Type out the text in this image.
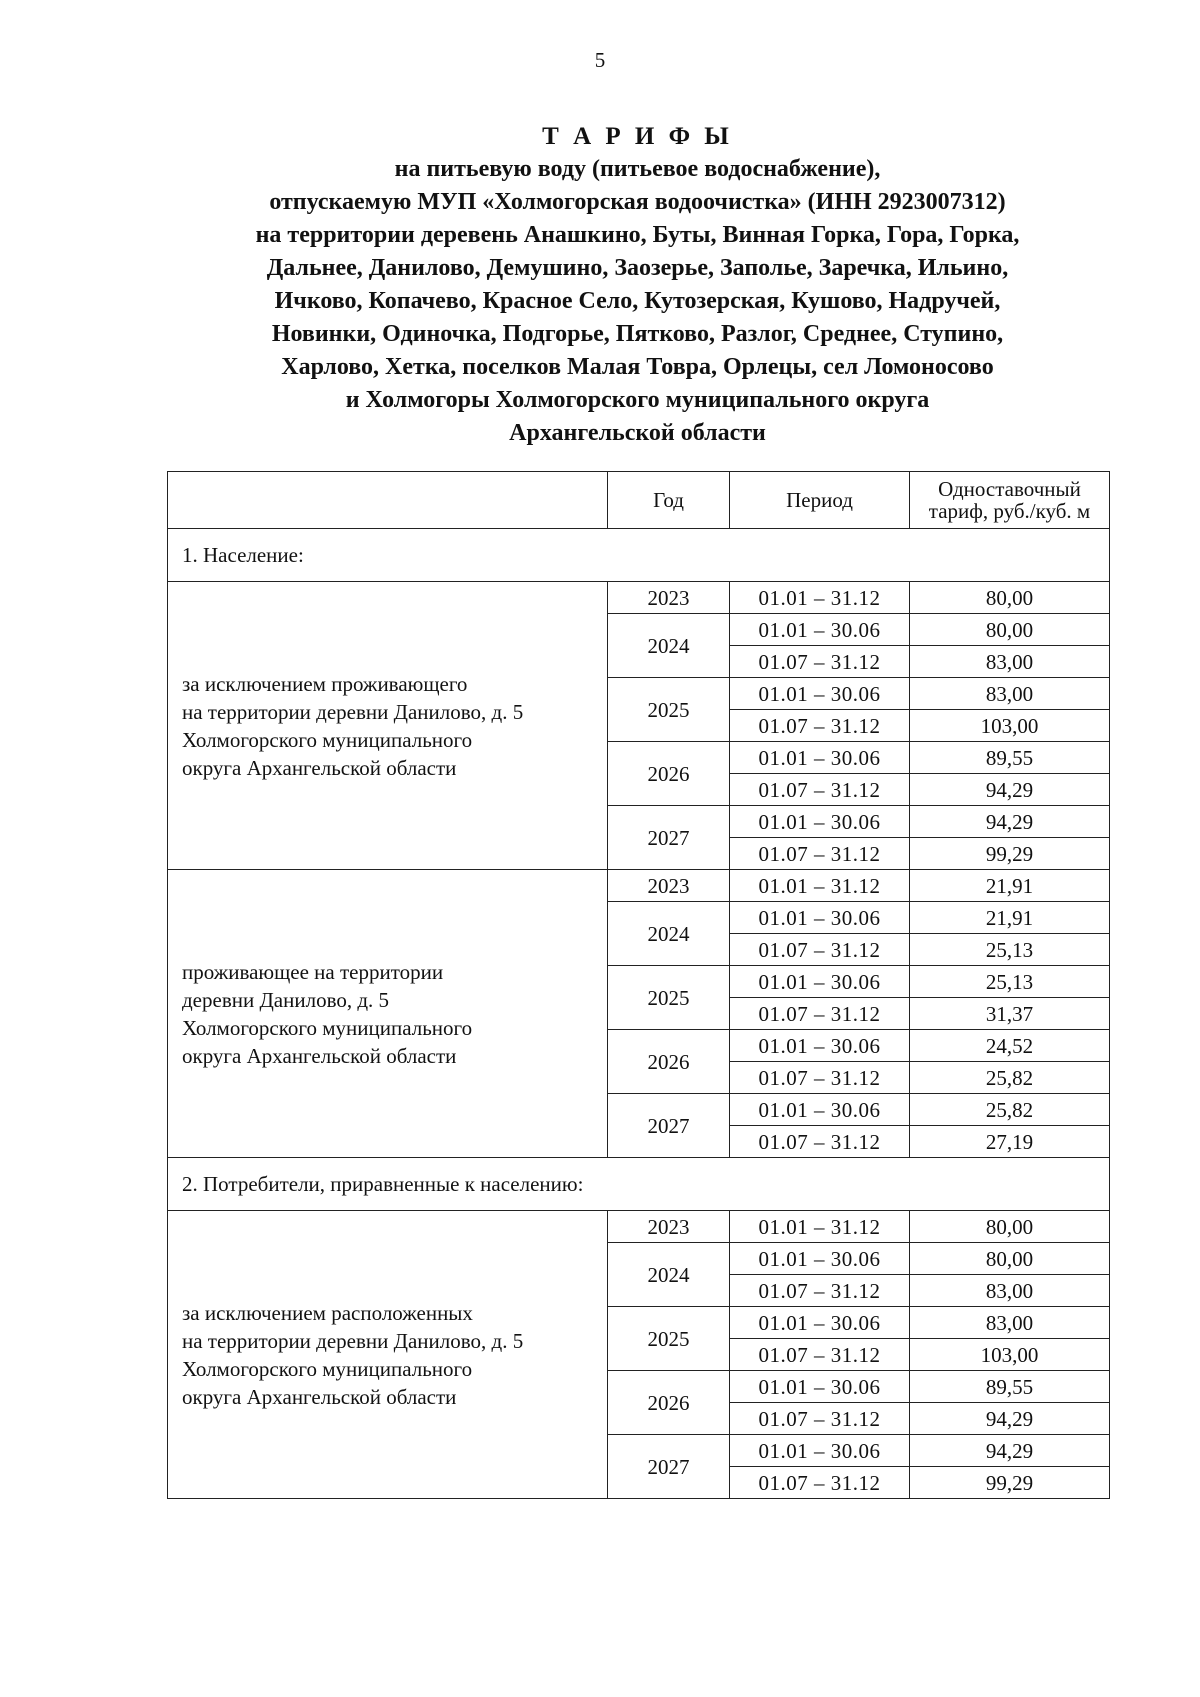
5
Т А Р И Ф Ы
на питьевую воду (питьевое водоснабжение),
отпускаемую МУП «Холмогорская водоочистка» (ИНН 2923007312)
на территории деревень Анашкино, Буты, Винная Горка, Гора, Горка,
Дальнее, Данилово, Демушино, Заозерье, Заполье, Заречка, Ильино,
Ичково, Копачево, Красное Село, Кутозерская, Кушово, Надручей,
Новинки, Одиночка, Подгорье, Пятково, Разлог, Среднее, Ступино,
Харлово, Хетка, поселков Малая Товра, Орлецы, сел Ломоносово
и Холмогоры Холмогорского муниципального округа
Архангельской области
	Год	Период	Одноставочный
тариф, руб./куб. м
1. Население:			
за исключением проживающего
на территории деревни Данилово, д. 5
Холмогорского муниципального
округа Архангельской области	2023	01.01 – 31.12	80,00
	2024	01.01 – 30.06	80,00
		01.07 – 31.12	83,00
	2025	01.01 – 30.06	83,00
		01.07 – 31.12	103,00
	2026	01.01 – 30.06	89,55
		01.07 – 31.12	94,29
	2027	01.01 – 30.06	94,29
		01.07 – 31.12	99,29
проживающее на территории
деревни Данилово, д. 5
Холмогорского муниципального
округа Архангельской области	2023	01.01 – 31.12	21,91
	2024	01.01 – 30.06	21,91
		01.07 – 31.12	25,13
	2025	01.01 – 30.06	25,13
		01.07 – 31.12	31,37
	2026	01.01 – 30.06	24,52
		01.07 – 31.12	25,82
	2027	01.01 – 30.06	25,82
		01.07 – 31.12	27,19
2. Потребители, приравненные к населению:			
за исключением расположенных
на территории деревни Данилово, д. 5
Холмогорского муниципального
округа Архангельской области	2023	01.01 – 31.12	80,00
	2024	01.01 – 30.06	80,00
		01.07 – 31.12	83,00
	2025	01.01 – 30.06	83,00
		01.07 – 31.12	103,00
	2026	01.01 – 30.06	89,55
		01.07 – 31.12	94,29
	2027	01.01 – 30.06	94,29
		01.07 – 31.12	99,29
